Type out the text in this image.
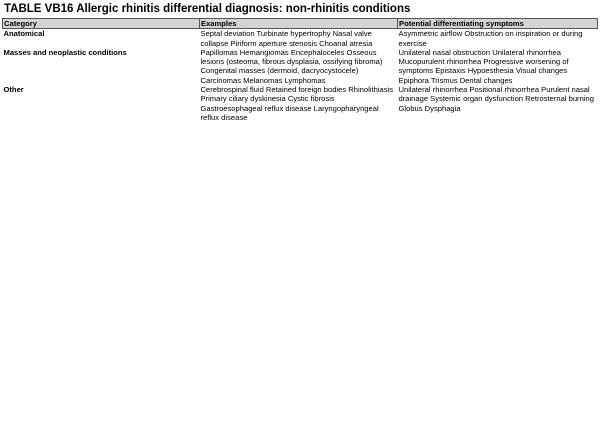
TABLE VB16 Allergic rhinitis differential diagnosis: non-rhinitis conditions
Category	Examples	Potential differentiating symptoms
Anatomical	Septal deviation Turbinate hypertrophy Nasal valve collapse Piriform aperture stenosis Choanal atresia	Asymmetric airflow Obstruction on inspiration or during exercise
Masses and neoplastic conditions	Papillomas Hemangiomas Encephaloceles Osseous lesions (osteoma, fibrous dysplasia, ossifying fibroma) Congenital masses (dermoid, dacryocystocele) Carcinomas Melanomas Lymphomas	Unilateral nasal obstruction Unilateral rhinorrhea Mucopurulent rhinorrhea Progressive worsening of symptoms Epistaxis Hypoesthesia Visual changes Epiphora Trismus Dental changes
Other	Cerebrospinal fluid Retained foreign bodies Rhinolithiasis Primary ciliary dyskinesia Cystic fibrosis Gastroesophageal reflux disease Laryngopharyngeal reflux disease	Unilateral rhinorrhea Positional rhinorrhea Purulent nasal drainage Systemic organ dysfunction Retrosternal burning Globus Dysphagia
